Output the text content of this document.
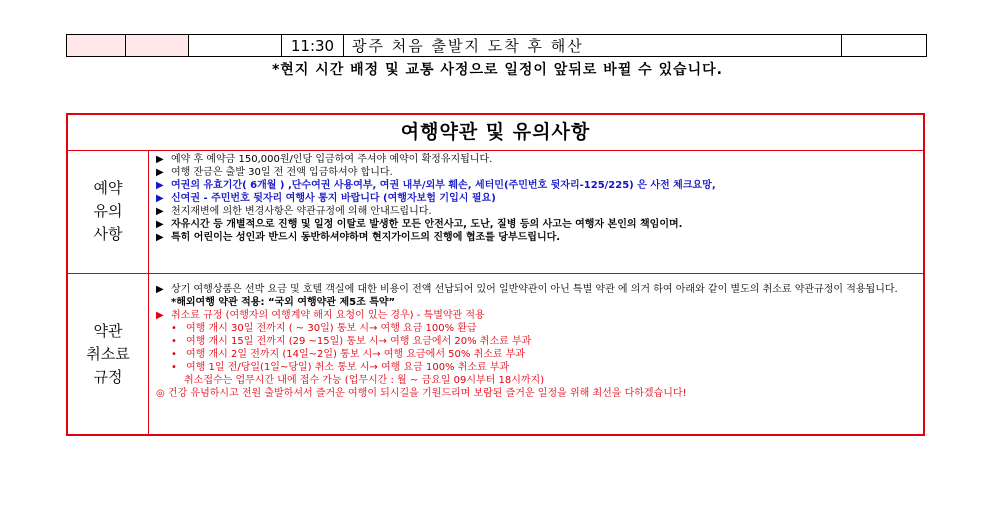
			11:30	광주 처음 출발지 도착 후 해산	
*현지 시간 배정 및 교통 사정으로 일정이 앞뒤로 바뀔 수 있습니다.
여행약관 및 유의사항
예약
유의
사항
▶ 예약 후 예약금 150,000원/인당 입금하여 주셔야 예약이 확정유지됩니다.
▶ 여행 잔금은 출발 30일 전 전액 입금하셔야 합니다.
▶ 여권의 유효기간( 6개월 ) ,단수여권 사용여부, 여권 내부/외부 훼손, 세터민(주민번호 뒷자리-125/225) 은 사전 체크요망,
▶ 신여권 - 주민번호 뒷자리 여행사 통지 바랍니다 (여행자보험 기입시 필요)
▶ 천지재변에 의한 변경사항은 약관규정에 의해 안내드립니다.
▶ 자유시간 등 개별적으로 진행 및 일정 이탈로 발생한 모든 안전사고, 도난, 질병 등의 사고는 여행자 본인의 책임이며.
▶ 특히 어린이는 성인과 반드시 동반하셔야하며 현지가이드의 진행에 협조를 당부드립니다.
약관
취소료
규정
▶ 상기 여행상품은 선박 요금 및 호텔 객실에 대한 비용이 전액 선납되어 있어 일반약관이 아닌 특별 약관 에 의거 하여 아래와 같이 별도의 취소료 약관규정이 적용됩니다.
*해외여행 약관 적용: “국외 여행약관 제5조 특약”
▶ 취소료 규정 (여행자의 여행계약 해지 요청이 있는 경우) - 특별약관 적용
• 여행 개시 30일 전까지 ( ~ 30일) 통보 시→ 여행 요금 100% 환급
• 여행 개시 15일 전까지 (29 ~15일) 통보 시→ 여행 요금에서 20% 취소료 부과
• 여행 개시 2일 전까지 (14일~2일) 통보 시→ 여행 요금에서 50% 취소료 부과
• 여행 1일 전/당일(1일~당일) 취소 통보 시→ 여행 요금 100% 취소료 부과
취소접수는 업무시간 내에 접수 가능 (업무시간 : 월 ~ 금요일 09시부터 18시까지)
◎ 건강 유념하시고 전원 출발하셔서 즐거운 여행이 되시길을 기원드리며 보람된 즐거운 일정을 위해 최선을 다하겠습니다!
